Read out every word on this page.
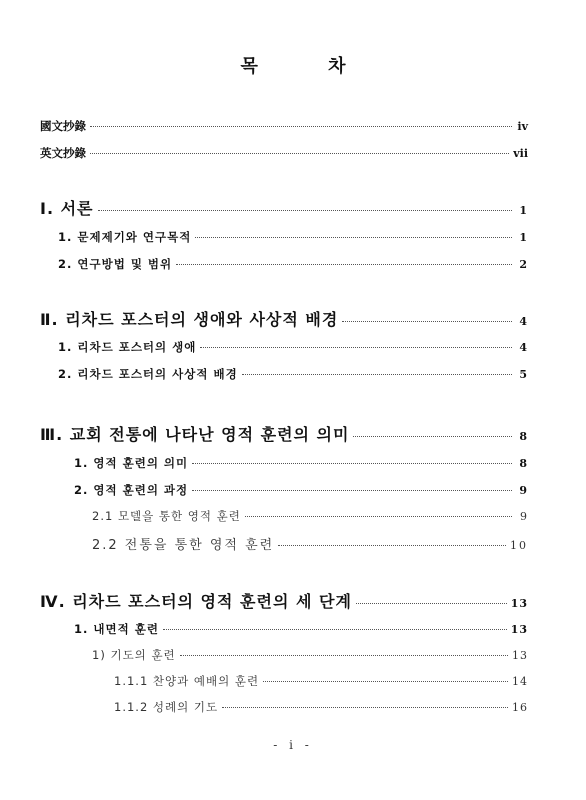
목 차
國文抄錄	iv
英文抄錄	vii
Ⅰ. 서론	1
1. 문제제기와 연구목적	1
2. 연구방법 및 범위	2
Ⅱ. 리차드 포스터의 생애와 사상적 배경	4
1. 리차드 포스터의 생애	4
2. 리차드 포스터의 사상적 배경	5
Ⅲ. 교회 전통에 나타난 영적 훈련의 의미	8
1. 영적 훈련의 의미	8
2. 영적 훈련의 과정	9
2.1 모델을 통한 영적 훈련	9
2.2 전통을 통한 영적 훈련	10
Ⅳ. 리차드 포스터의 영적 훈련의 세 단계	13
1. 내면적 훈련	13
1) 기도의 훈련	13
1.1.1 찬양과 예배의 훈련	14
1.1.2 성례의 기도	16
- i -
